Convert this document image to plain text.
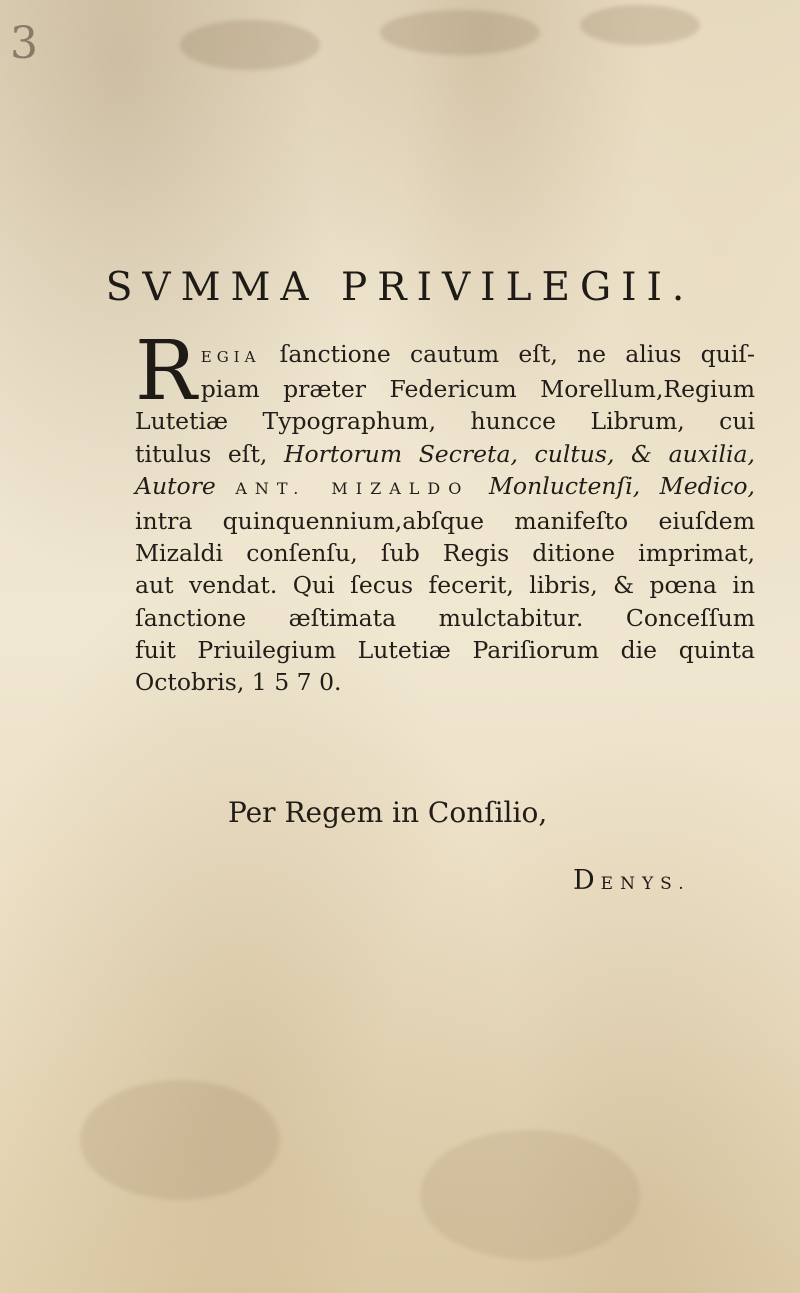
3
SVMMA PRIVILEGII.
R EGIA ſanctione cautum eſt, ne alius quiſ-
piam præter Federicum Morellum,Regium
Lutetiæ Typographum, huncce Librum, cui
titulus eſt, Hortorum Secreta, cultus, & auxilia,
Autore ANT. MIZALDO Monluctenſi, Medico,
intra quinquennium,abſque manifeſto eiuſdem
Mizaldi conſenſu, ſub Regis ditione imprimat,
aut vendat. Qui ſecus fecerit, libris, & pœna in
ſanctione æſtimata mulctabitur. Conceſſum
fuit Priuilegium Lutetiæ Pariſiorum die quinta
Octobris, 1 5 7 0.
Per Regem in Conſilio,
DENYS.
